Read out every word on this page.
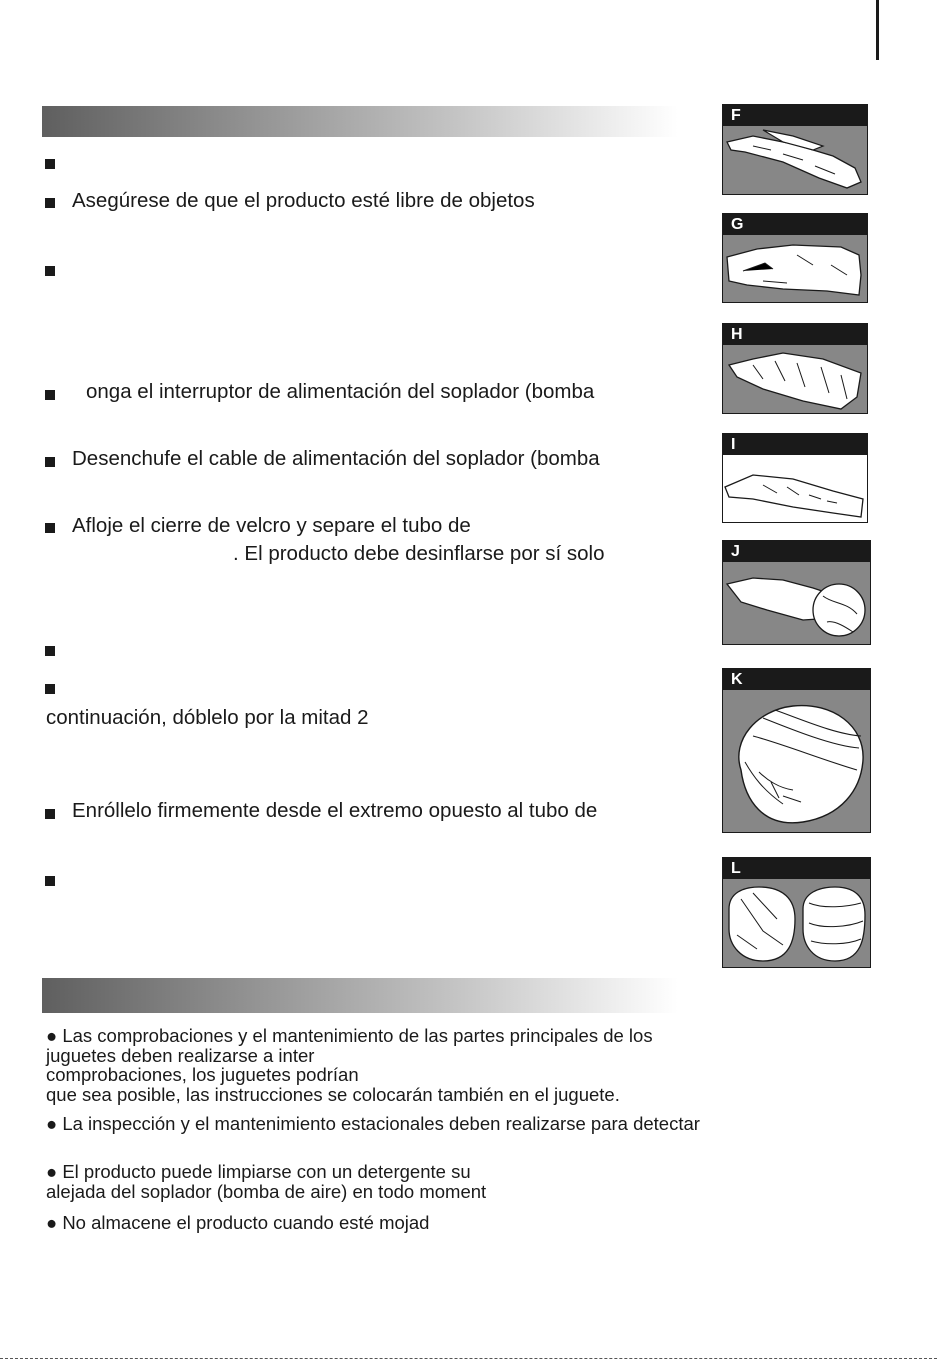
Asegúrese de que el producto esté libre de objetos
onga el interruptor de alimentación del soplador (bomba
Desenchufe el cable de alimentación del soplador (bomba
Afloje el cierre de velcro y separe el tubo de
. El producto debe desinflarse por sí solo
continuación, dóblelo por la mitad 2
Enróllelo firmemente desde el extremo opuesto al tubo de
F
G
H
I
J
K
L
● Las comprobaciones y el mantenimiento de las partes principales de los
juguetes deben realizarse a inter
comprobaciones, los juguetes podrían
que sea posible, las instrucciones se colocarán también en el juguete.
● La inspección y el mantenimiento estacionales deben realizarse para detectar
● El producto puede limpiarse con un detergente su
alejada del soplador (bomba de aire) en todo moment
● No almacene el producto cuando esté mojad
